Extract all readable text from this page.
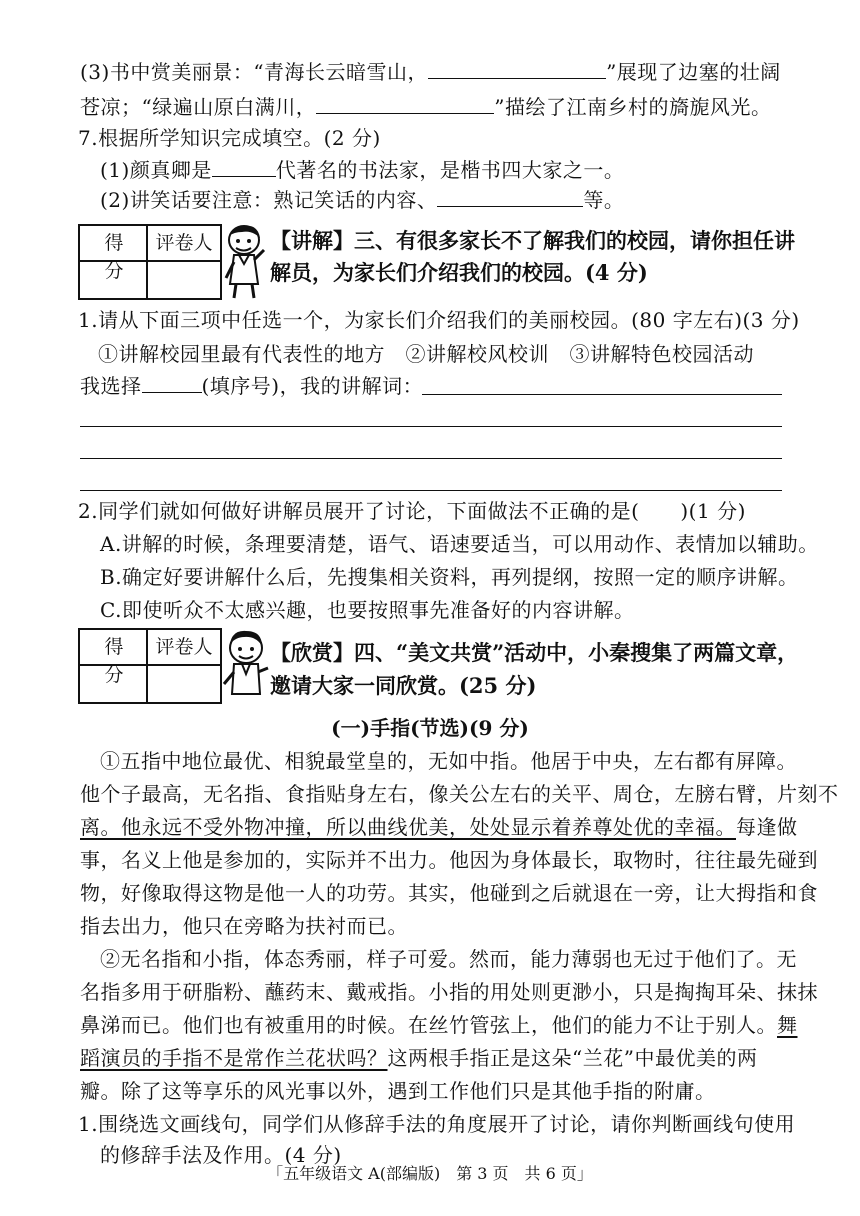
(3)书中赏美丽景：“青海长云暗雪山，	”展现了边塞的壮阔
苍凉；“绿遍山原白满川，	”描绘了江南乡村的旖旎风光。
7.根据所学知识完成填空。(2 分)
(1)颜真卿是	代著名的书法家，是楷书四大家之一。
(2)讲笑话要注意：熟记笑话的内容、	等。
得　分
评卷人	【讲解】三、有很多家长不了解我们的校园，请你担任讲
解员，为家长们介绍我们的校园。(4 分)
1.请从下面三项中任选一个，为家长们介绍我们的美丽校园。(80 字左右)(3 分)
①讲解校园里最有代表性的地方　②讲解校风校训　③讲解特色校园活动
我选择	(填序号)，我的讲解词：
2.同学们就如何做好讲解员展开了讨论，下面做法不正确的是(　　)(1 分)
A.讲解的时候，条理要清楚，语气、语速要适当，可以用动作、表情加以辅助。
B.确定好要讲解什么后，先搜集相关资料，再列提纲，按照一定的顺序讲解。
C.即使听众不太感兴趣，也要按照事先准备好的内容讲解。
得　分
评卷人	【欣赏】四、“美文共赏”活动中，小秦搜集了两篇文章，
邀请大家一同欣赏。(25 分)
(一)手指(节选)(9 分)
①五指中地位最优、相貌最堂皇的，无如中指。他居于中央，左右都有屏障。
他个子最高，无名指、食指贴身左右，像关公左右的关平、周仓，左膀右臂，片刻不
离。他永远不受外物冲撞，所以曲线优美，处处显示着养尊处优的幸福。每逢做
事，名义上他是参加的，实际并不出力。他因为身体最长，取物时，往往最先碰到
物，好像取得这物是他一人的功劳。其实，他碰到之后就退在一旁，让大拇指和食
指去出力，他只在旁略为扶衬而已。
②无名指和小指，体态秀丽，样子可爱。然而，能力薄弱也无过于他们了。无
名指多用于研脂粉、蘸药末、戴戒指。小指的用处则更渺小，只是掏掏耳朵、抹抹
鼻涕而已。他们也有被重用的时候。在丝竹管弦上，他们的能力不让于别人。舞
蹈演员的手指不是常作兰花状吗？这两根手指正是这朵“兰花”中最优美的两
瓣。除了这等享乐的风光事以外，遇到工作他们只是其他手指的附庸。
1.围绕选文画线句，同学们从修辞手法的角度展开了讨论，请你判断画线句使用
的修辞手法及作用。(4 分)
「五年级语文 A(部编版)　第 3 页　共 6 页」
